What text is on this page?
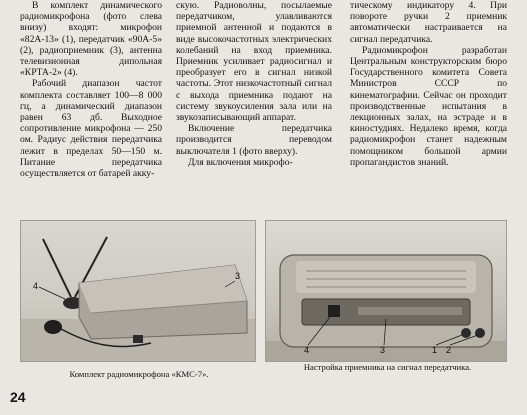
В комплект динамического радиомикрофона (фото слева внизу) входят: микрофон «82А-13» (1), передатчик «90А-5» (2), радиоприемник (3), антенна телевизионная дипольная «КРТА-2» (4).

Рабочий диапазон частот комплекта составляет 100—8 000 гц, а динамический диапазон равен 63 дб. Выходное сопротивление микрофона — 250 ом. Радиус действия передатчика лежит в пределах 50—150 м. Питание передатчика осуществляется от батарей акку-

скую. Радиоволны, посылаемые передатчиком, улавливаются приемной антенной и подаются в виде высокочастотных электрических колебаний на вход приемника. Приемник усиливает радиосигнал и преобразует его в сигнал низкой частоты. Этот низкочастотный сигнал с выхода приемника подают на систему звукоусиления зала или на звукозаписывающий аппарат.

Включение передатчика производится переводом выключателя 1 (фото вверху).

Для включения микрофо-

тическому индикатору 4. При повороте ручки 2 приемник автоматически настраивается на сигнал передатчика.

Радиомикрофон разработан Центральным конструкторским бюро Государственного комитета Совета Министров СССР по кинематографии. Сейчас он проходит производственные испытания в лекционных залах, на эстраде и в киностудиях. Недалеко время, когда радиомикрофон станет надежным помощником большой армии пропагандистов знаний.

4
3
4	3	1 2
Комплект радиомикрофона «КМС-7».
Настройка приемника на сигнал передатчика.
24
